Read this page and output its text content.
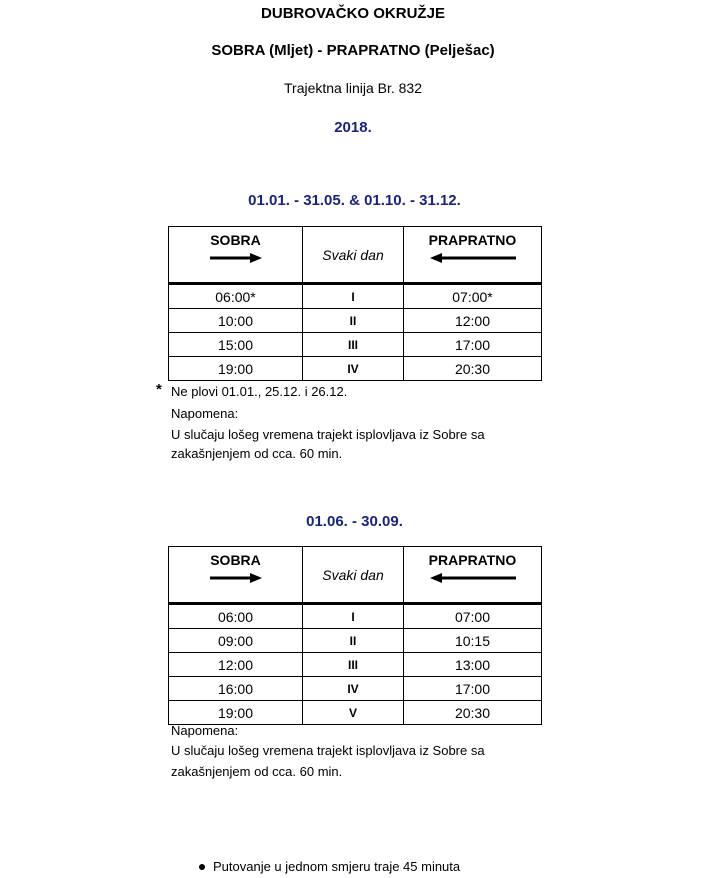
DUBROVAČKO OKRUŽJE
SOBRA (Mljet) - PRAPRATNO (Pelješac)
Trajektna linija Br. 832
2018.
01.01. - 31.05. & 01.10. - 31.12.
SOBRA	Svaki dan	PRAPRATNO

06:00*	I	07:00*
10:00	II	12:00
15:00	III	17:00
19:00	IV	20:30
* Ne plovi 01.01., 25.12. i 26.12.
Napomena:
U slučaju lošeg vremena trajekt isplovljava iz Sobre sa
zakašnjenjem od cca. 60 min.
01.06. - 30.09.
SOBRA	Svaki dan	PRAPRATNO

06:00	I	07:00
09:00	II	10:15
12:00	III	13:00
16:00	IV	17:00
19:00	V	20:30
Napomena:
U slučaju lošeg vremena trajekt isplovljava iz Sobre sa
zakašnjenjem od cca. 60 min.
Putovanje u jednom smjeru traje 45 minuta
